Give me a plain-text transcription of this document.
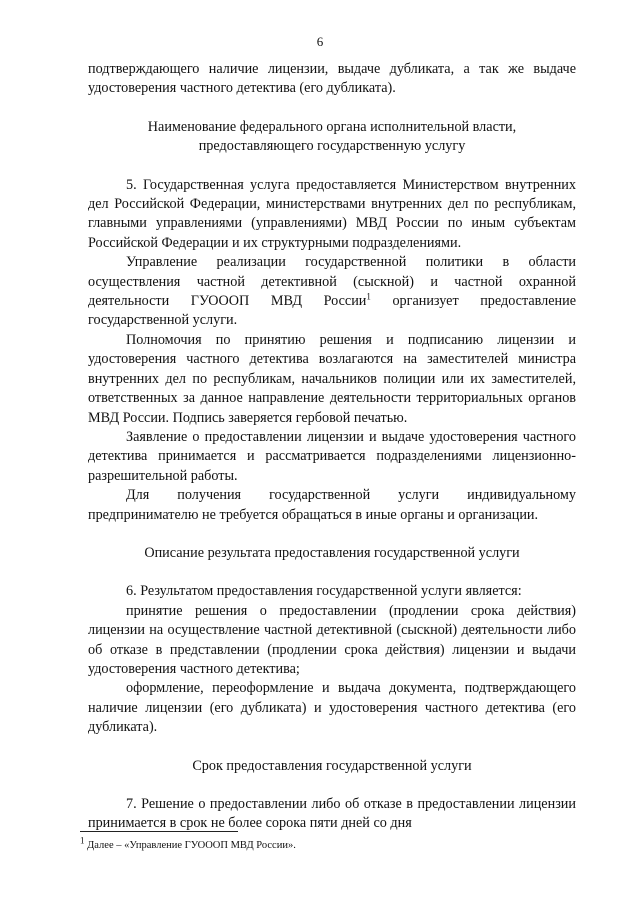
6

подтверждающего наличие лицензии, выдаче дубликата, а так же выдаче удостоверения частного детектива (его дубликата).

Наименование федерального органа исполнительной власти,
предоставляющего государственную услугу

5. Государственная услуга предоставляется Министерством внутренних дел Российской Федерации, министерствами внутренних дел по республикам, главными управлениями (управлениями) МВД России по иным субъектам Российской Федерации и их структурными подразделениями.

Управление реализации государственной политики в области осуществления частной детективной (сыскной) и частной охранной деятельности ГУОООП МВД России$^1$ организует предоставление государственной услуги.

Полномочия по принятию решения и подписанию лицензии и удостоверения частного детектива возлагаются на заместителей министра внутренних дел по республикам, начальников полиции или их заместителей, ответственных за данное направление деятельности территориальных органов МВД России. Подпись заверяется гербовой печатью.

Заявление о предоставлении лицензии и выдаче удостоверения частного детектива принимается и рассматривается подразделениями лицензионно-разрешительной работы.

Для получения государственной услуги индивидуальному предпринимателю не требуется обращаться в иные органы и организации.

Описание результата предоставления государственной услуги

6. Результатом предоставления государственной услуги является:

принятие решения о предоставлении (продлении срока действия) лицензии на осуществление частной детективной (сыскной) деятельности либо об отказе в представлении (продлении срока действия) лицензии и выдачи удостоверения частного детектива;

оформление, переоформление и выдача документа, подтверждающего наличие лицензии (его дубликата) и удостоверения частного детектива (его дубликата).

Срок предоставления государственной услуги

7. Решение о предоставлении либо об отказе в предоставлении лицензии принимается в срок не более сорока пяти дней со дня

$^1$ Далее – «Управление ГУОООП МВД России».
